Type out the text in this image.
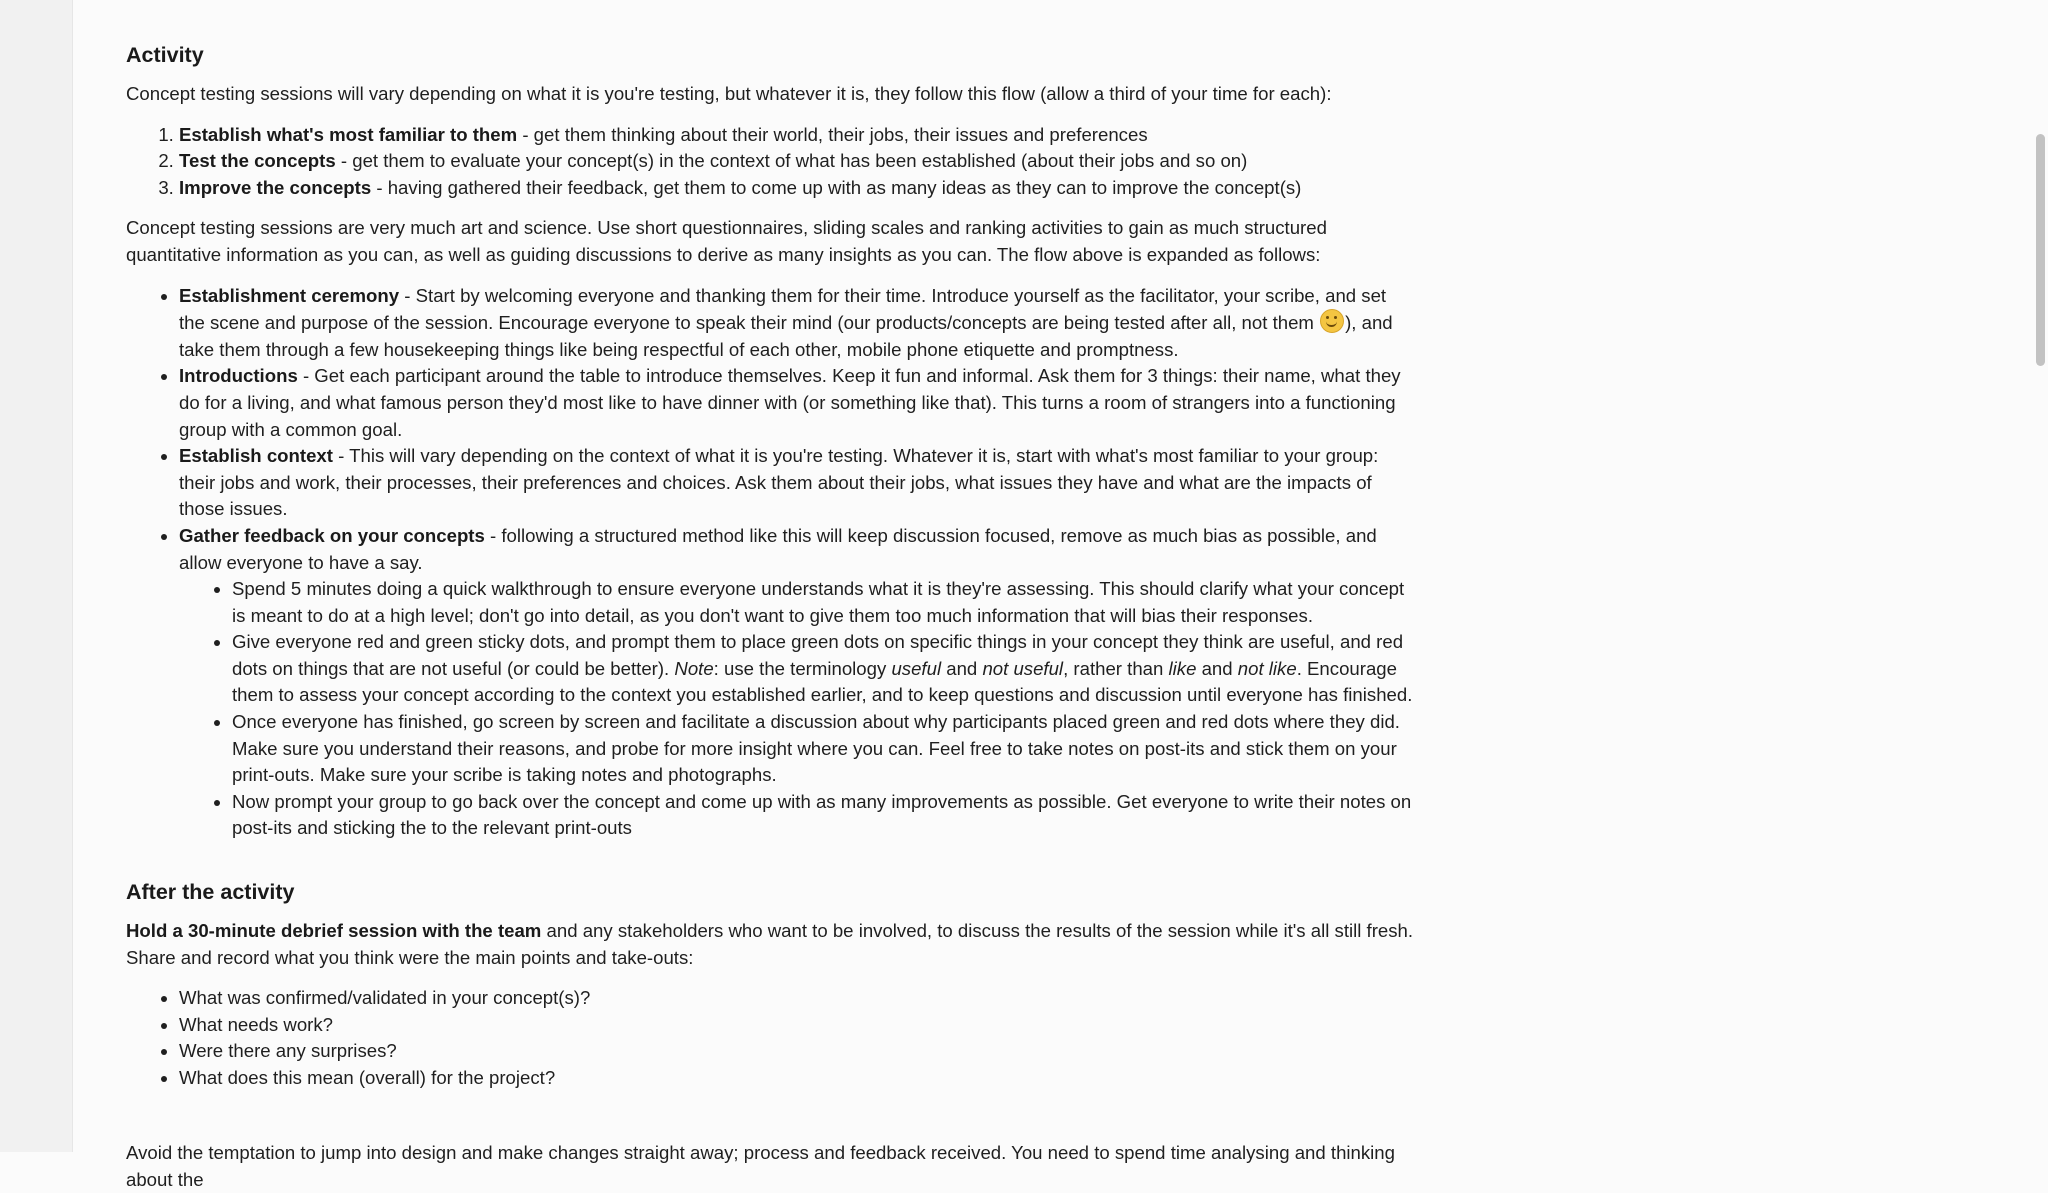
Activity

Concept testing sessions will vary depending on what it is you're testing, but whatever it is, they follow this flow (allow a third of your time for each):

1. Establish what's most familiar to them - get them thinking about their world, their jobs, their issues and preferences
2. Test the concepts - get them to evaluate your concept(s) in the context of what has been established (about their jobs and so on)
3. Improve the concepts - having gathered their feedback, get them to come up with as many ideas as they can to improve the concept(s)

Concept testing sessions are very much art and science. Use short questionnaires, sliding scales and ranking activities to gain as much structured quantitative information as you can, as well as guiding discussions to derive as many insights as you can. The flow above is expanded as follows:

• Establishment ceremony - Start by welcoming everyone and thanking them for their time. Introduce yourself as the facilitator, your scribe, and set the scene and purpose of the session. Encourage everyone to speak their mind (our products/concepts are being tested after all, not them ), and take them through a few housekeeping things like being respectful of each other, mobile phone etiquette and promptness.
• Introductions - Get each participant around the table to introduce themselves. Keep it fun and informal. Ask them for 3 things: their name, what they do for a living, and what famous person they'd most like to have dinner with (or something like that). This turns a room of strangers into a functioning group with a common goal.
• Establish context - This will vary depending on the context of what it is you're testing. Whatever it is, start with what's most familiar to your group: their jobs and work, their processes, their preferences and choices. Ask them about their jobs, what issues they have and what are the impacts of those issues.
• Gather feedback on your concepts - following a structured method like this will keep discussion focused, remove as much bias as possible, and allow everyone to have a say.
• Spend 5 minutes doing a quick walkthrough to ensure everyone understands what it is they're assessing. This should clarify what your concept is meant to do at a high level; don't go into detail, as you don't want to give them too much information that will bias their responses.
• Give everyone red and green sticky dots, and prompt them to place green dots on specific things in your concept they think are useful, and red dots on things that are not useful (or could be better). Note: use the terminology useful and not useful, rather than like and not like. Encourage them to assess your concept according to the context you established earlier, and to keep questions and discussion until everyone has finished.
• Once everyone has finished, go screen by screen and facilitate a discussion about why participants placed green and red dots where they did. Make sure you understand their reasons, and probe for more insight where you can. Feel free to take notes on post-its and stick them on your print-outs. Make sure your scribe is taking notes and photographs.
• Now prompt your group to go back over the concept and come up with as many improvements as possible. Get everyone to write their notes on post-its and sticking the to the relevant print-outs
After the activity

Hold a 30-minute debrief session with the team and any stakeholders who want to be involved, to discuss the results of the session while it's all still fresh. Share and record what you think were the main points and take-outs:

• What was confirmed/validated in your concept(s)?
• What needs work?
• Were there any surprises?
• What does this mean (overall) for the project?
Avoid the temptation to jump into design and make changes straight away; process and feedback received. You need to spend time analysing and thinking about the
